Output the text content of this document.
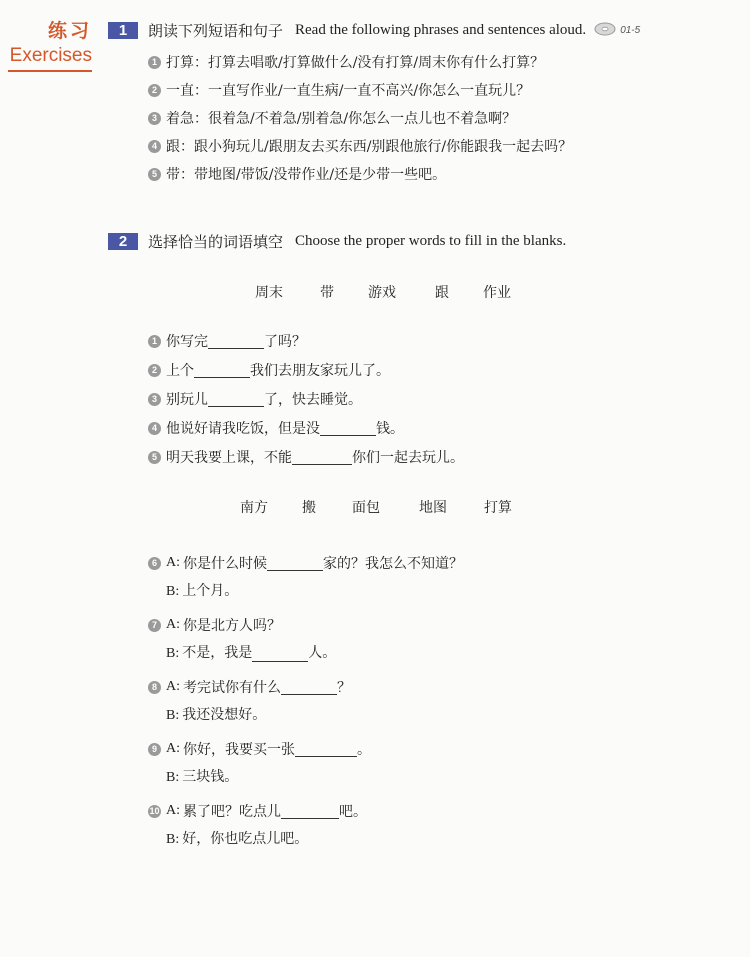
练习
Exercises
1	朗读下列短语和句子 Read the following phrases and sentences aloud.	01-5
1 打算：打算去唱歌/打算做什么/没有打算/周末你有什么打算？
2 一直：一直写作业/一直生病/一直不高兴/你怎么一直玩儿？
3 着急：很着急/不着急/别着急/你怎么一点儿也不着急啊？
4 跟：跟小狗玩儿/跟朋友去买东西/别跟他旅行/你能跟我一起去吗？
5 带：带地图/带饭/没带作业/还是少带一些吧。
2	选择恰当的词语填空 Choose the proper words to fill in the blanks.
周末	带 游戏	跟 作业
1 你写完	了吗？
2 上个	我们去朋友家玩儿了。
3 别玩儿	了，快去睡觉。
4 他说好请我吃饭，但是没	钱。
5 明天我要上课，不能	你们一起去玩儿。
南方 搬	面包	地图	打算
6 A: 你是什么时候	家的？我怎么不知道？
B: 上个月。
7 A: 你是北方人吗？
B: 不是，我是	人。
8 A: 考完试你有什么	？
B: 我还没想好。
9 A: 你好，我要买一张	。
B: 三块钱。
10 A: 累了吧？吃点儿	吧。
B: 好，你也吃点儿吧。
